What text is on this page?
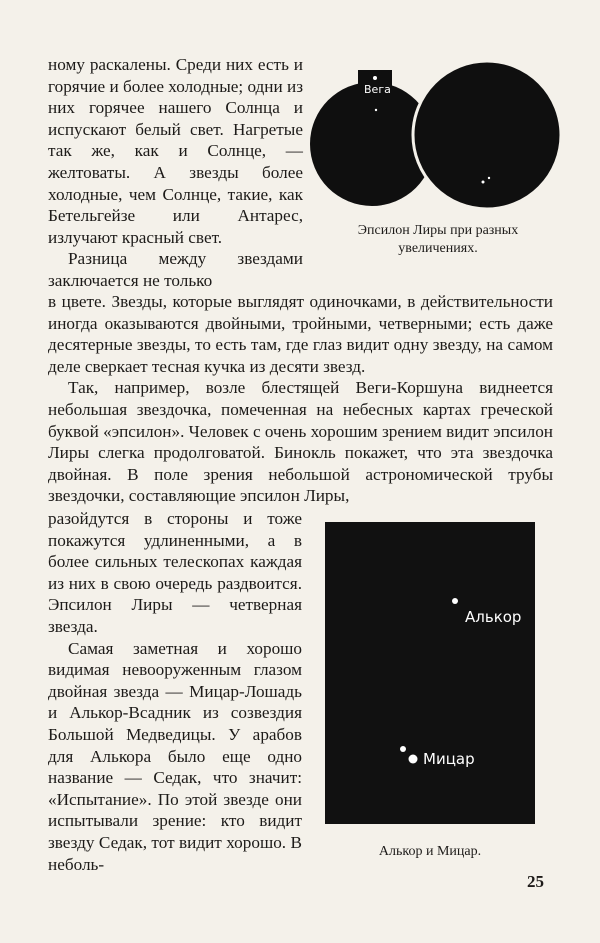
ному раскалены. Среди них есть и горячие и более холодные; одни из них горячее нашего Солнца и испускают белый свет. Нагретые так же, как и Солнце, — желтоваты. А звезды более холодные, чем Солнце, такие, как Бетельгейзе или Антарес, излучают красный свет.

Разница между звездами заключается не только

Вега

Эпсилон Лиры при разных увеличениях.

в цвете. Звезды, которые выглядят одиночками, в действительности иногда оказываются двойными, тройными, четверными; есть даже десятерные звезды, то есть там, где глаз видит одну звезду, на самом деле сверкает тесная кучка из десяти звезд.

Так, например, возле блестящей Веги-Коршуна виднеется небольшая звездочка, помеченная на небесных картах греческой буквой «эпсилон». Человек с очень хорошим зрением видит эпсилон Лиры слегка продолговатой. Бинокль покажет, что эта звездочка двойная. В поле зрения небольшой астрономической трубы звездочки, составляющие эпсилон Лиры,

разойдутся в стороны и тоже покажутся удлиненными, а в более сильных телескопах каждая из них в свою очередь раздвоится. Эпсилон Лиры — четверная звезда.

Самая заметная и хорошо видимая невооруженным глазом двойная звезда — Мицар-Лошадь и Алькор-Всадник из созвездия Большой Медведицы. У арабов для Алькора было еще одно название — Седак, что значит: «Испытание». По этой звезде они испытывали зрение: кто видит звезду Седак, тот видит хорошо. В неболь-

Алькор
Мицар

Алькор и Мицар.

25
